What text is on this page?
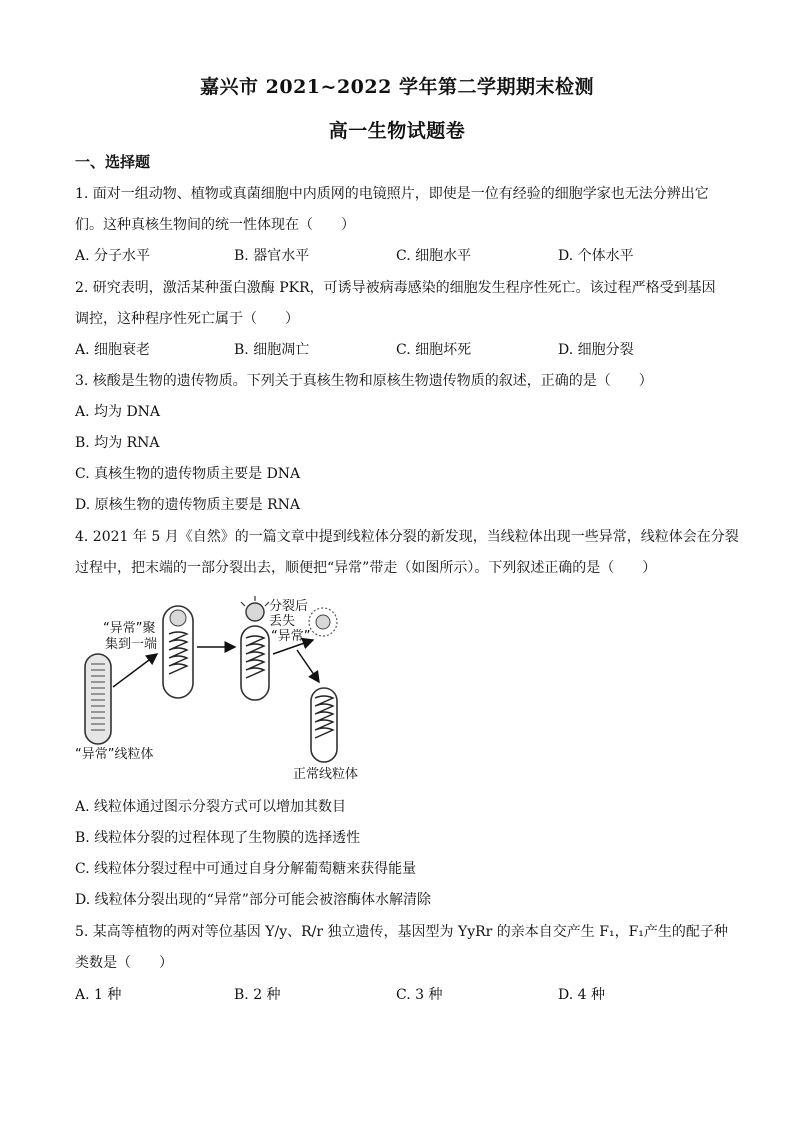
嘉兴市 2021~2022 学年第二学期期末检测
高一生物试题卷
一、选择题
1. 面对一组动物、植物或真菌细胞中内质网的电镜照片，即使是一位有经验的细胞学家也无法分辨出它
们。这种真核生物间的统一性体现在（　　）
A. 分子水平	B. 器官水平	C. 细胞水平	D. 个体水平
2. 研究表明，激活某种蛋白激酶 PKR，可诱导被病毒感染的细胞发生程序性死亡。该过程严格受到基因
调控，这种程序性死亡属于（　　）
A. 细胞衰老	B. 细胞凋亡	C. 细胞坏死	D. 细胞分裂
3. 核酸是生物的遗传物质。下列关于真核生物和原核生物遗传物质的叙述，正确的是（　　）
A. 均为 DNA
B. 均为 RNA
C. 真核生物的遗传物质主要是 DNA
D. 原核生物的遗传物质主要是 RNA
4. 2021 年 5 月《自然》的一篇文章中提到线粒体分裂的新发现，当线粒体出现一些异常，线粒体会在分裂
过程中，把末端的一部分裂出去，顺便把“异常”带走（如图所示）。下列叙述正确的是（　　）
“异常”聚
集到一端
分裂后
丢失
“异常”
“异常”线粒体
正常线粒体
A. 线粒体通过图示分裂方式可以增加其数目
B. 线粒体分裂的过程体现了生物膜的选择透性
C. 线粒体分裂过程中可通过自身分解葡萄糖来获得能量
D. 线粒体分裂出现的“异常”部分可能会被溶酶体水解清除
5. 某高等植物的两对等位基因 Y/y、R/r 独立遗传，基因型为 YyRr 的亲本自交产生 F₁，F₁产生的配子种
类数是（　　）
A. 1 种	B. 2 种	C. 3 种	D. 4 种
